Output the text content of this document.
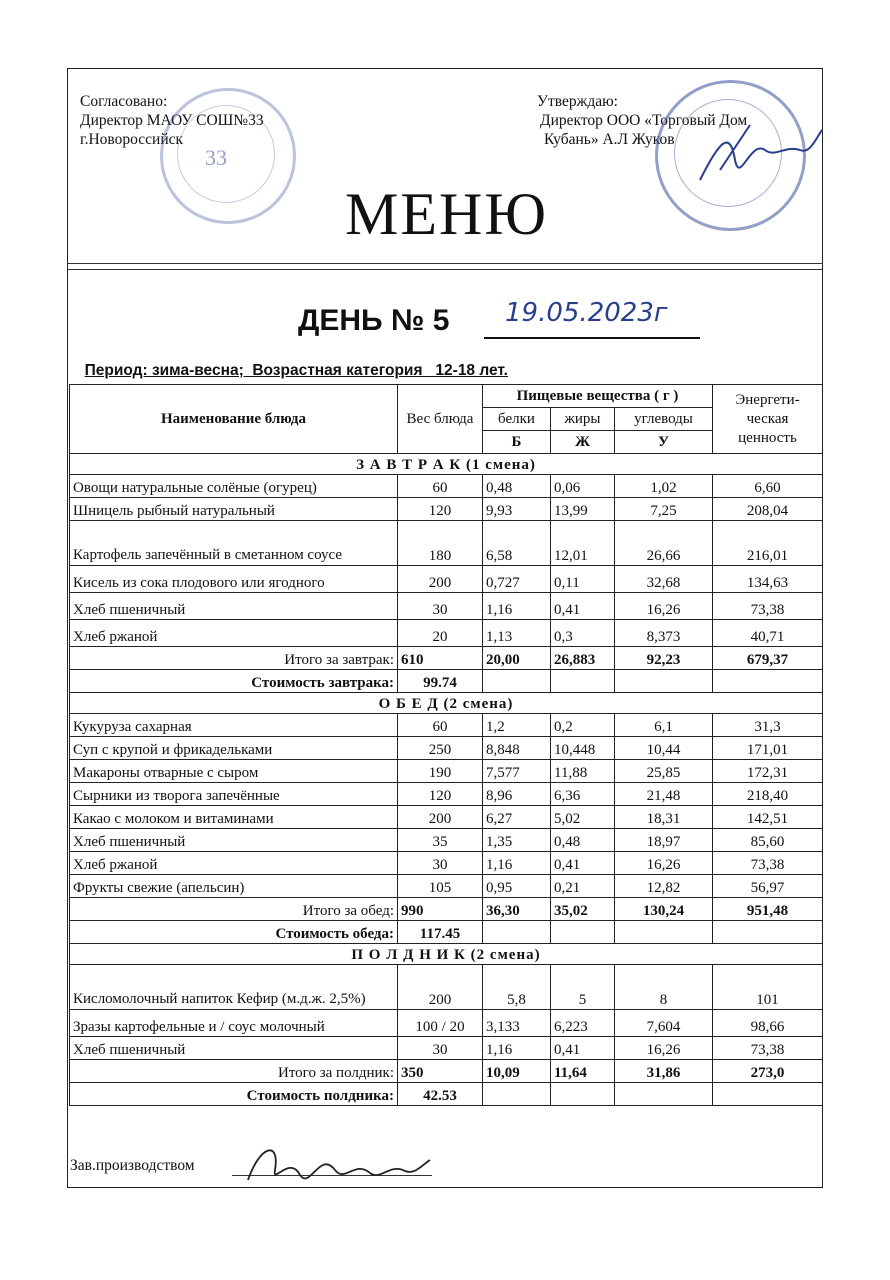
Согласовано:
Директор МАОУ СОШ№33
г.Новороссийск
Утверждаю:
Директор ООО «Торговый Дом
Кубань» А.Л Жуков
33
МЕНЮ
ДЕНЬ № 5 19.05.2023г

Период: зима-весна;  Возрастная категория   12-18 лет.

Наименование блюда	Вес блюда	Пищевые вещества ( г )			Энергети-ческая ценность
		белки	жиры	углеводы	
		Б	Ж	У	
З А В Т Р А К (1 смена)					
Овощи натуральные солёные (огурец)	60	0,48	0,06	1,02	6,60
Шницель рыбный натуральный	120	9,93	13,99	7,25	208,04
Картофель запечённый в сметанном соусе	180	6,58	12,01	26,66	216,01
Кисель из сока плодового или ягодного	200	0,727	0,11	32,68	134,63
Хлеб пшеничный	30	1,16	0,41	16,26	73,38
Хлеб ржаной	20	1,13	0,3	8,373	40,71
Итого за завтрак:	610	20,00	26,883	92,23	679,37
Стоимость завтрака:	99.74				
О Б Е Д (2 смена)					
Кукуруза сахарная	60	1,2	0,2	6,1	31,3
Суп с крупой и фрикадельками	250	8,848	10,448	10,44	171,01
Макароны отварные с сыром	190	7,577	11,88	25,85	172,31
Сырники из творога запечённые	120	8,96	6,36	21,48	218,40
Какао с молоком и витаминами	200	6,27	5,02	18,31	142,51
Хлеб пшеничный	35	1,35	0,48	18,97	85,60
Хлеб ржаной	30	1,16	0,41	16,26	73,38
Фрукты свежие (апельсин)	105	0,95	0,21	12,82	56,97
Итого за обед:	990	36,30	35,02	130,24	951,48
Стоимость обеда:	117.45				
П О Л Д Н И К (2 смена)					
Кисломолочный напиток Кефир (м.д.ж. 2,5%)	200	5,8	5	8	101
Зразы картофельные и / соус молочный	100 / 20	3,133	6,223	7,604	98,66
Хлеб пшеничный	30	1,16	0,41	16,26	73,38
Итого за полдник:	350	10,09	11,64	31,86	273,0
Стоимость полдника:	42.53				
Зав.производством
